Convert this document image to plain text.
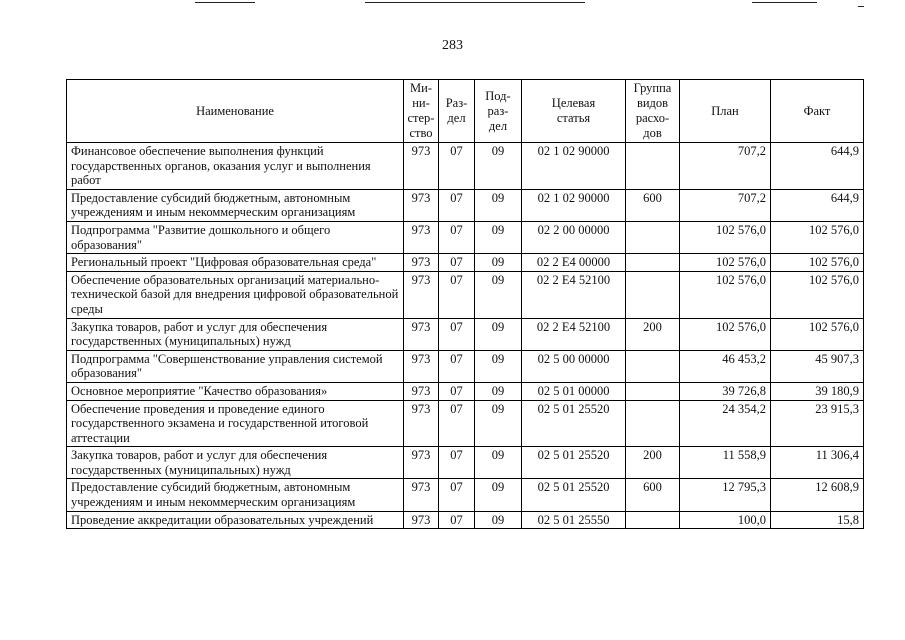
283
Наименование	Ми-
ни-
стер-
ство	Раз-
дел	Под-
раз-
дел	Целевая
статья	Группа
видов
расхо-
дов	План	Факт
Финансовое обеспечение выполнения функций государственных органов, оказания услуг и выполнения работ	973	07	09	02 1 02 90000		707,2	644,9
Предоставление субсидий бюджетным, автономным учреждениям и иным некоммерческим организациям	973	07	09	02 1 02 90000	600	707,2	644,9
Подпрограмма "Развитие дошкольного и общего образования"	973	07	09	02 2 00 00000		102 576,0	102 576,0
Региональный проект "Цифровая образовательная среда"	973	07	09	02 2 E4 00000		102 576,0	102 576,0
Обеспечение образовательных организаций материально-технической базой для внедрения цифровой образовательной среды	973	07	09	02 2 E4 52100		102 576,0	102 576,0
Закупка товаров, работ и услуг для обеспечения государственных (муниципальных) нужд	973	07	09	02 2 E4 52100	200	102 576,0	102 576,0
Подпрограмма "Совершенствование управления системой образования"	973	07	09	02 5 00 00000		46 453,2	45 907,3
Основное мероприятие "Качество образования»	973	07	09	02 5 01 00000		39 726,8	39 180,9
Обеспечение проведения и проведение единого государственного экзамена и государственной итоговой аттестации	973	07	09	02 5 01 25520		24 354,2	23 915,3
Закупка товаров, работ и услуг для обеспечения государственных (муниципальных) нужд	973	07	09	02 5 01 25520	200	11 558,9	11 306,4
Предоставление субсидий бюджетным, автономным учреждениям и иным некоммерческим организациям	973	07	09	02 5 01 25520	600	12 795,3	12 608,9
Проведение аккредитации образовательных учреждений	973	07	09	02 5 01 25550		100,0	15,8
